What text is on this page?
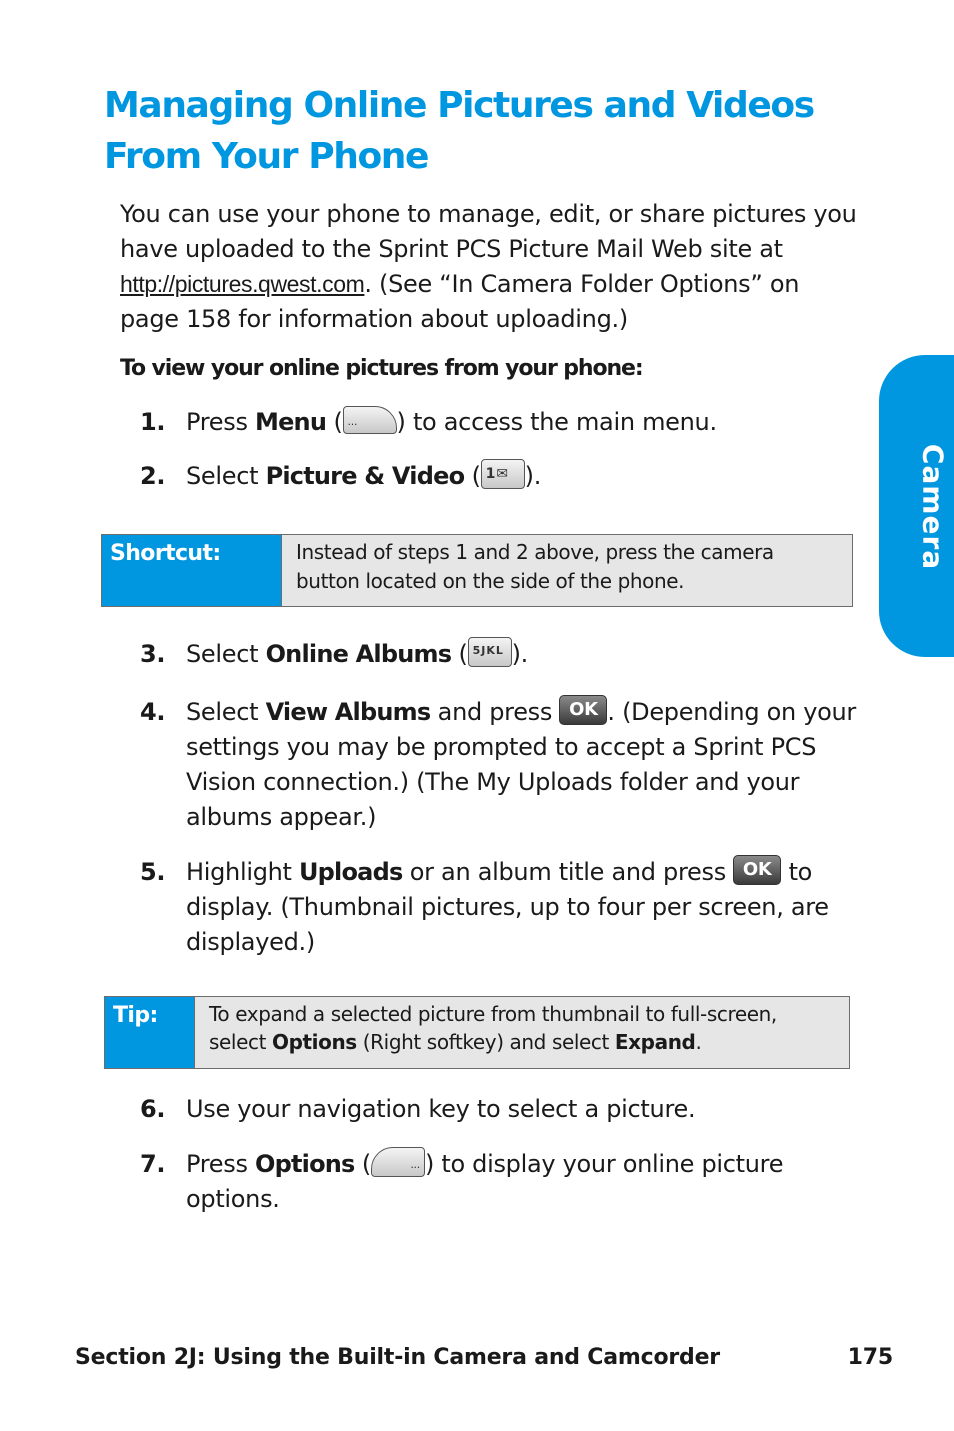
Managing Online Pictures and Videos
From Your Phone

You can use your phone to manage, edit, or share pictures you have uploaded to the Sprint PCS Picture Mail Web site at http://pictures.qwest.com. (See “In Camera Folder Options” on page 158 for information about uploading.)

To view your online pictures from your phone:

1. Press Menu ( ··· ) to access the main menu.
2. Select Picture & Video ( 1✉ ).
Shortcut:	Instead of steps 1 and 2 above, press the camera button located on the side of the phone.
3. Select Online Albums ( 5JKL ).
4. Select View Albums and press OK . (Depending on your settings you may be prompted to accept a Sprint PCS Vision connection.) (The My Uploads folder and your albums appear.)
5. Highlight Uploads or an album title and press OK to display. (Thumbnail pictures, up to four per screen, are displayed.)
Tip:	To expand a selected picture from thumbnail to full-screen, select Options (Right softkey) and select Expand.
6. Use your navigation key to select a picture.
7. Press Options (	··· ) to display your online picture options.
Camera
Section 2J: Using the Built-in Camera and Camcorder	175
